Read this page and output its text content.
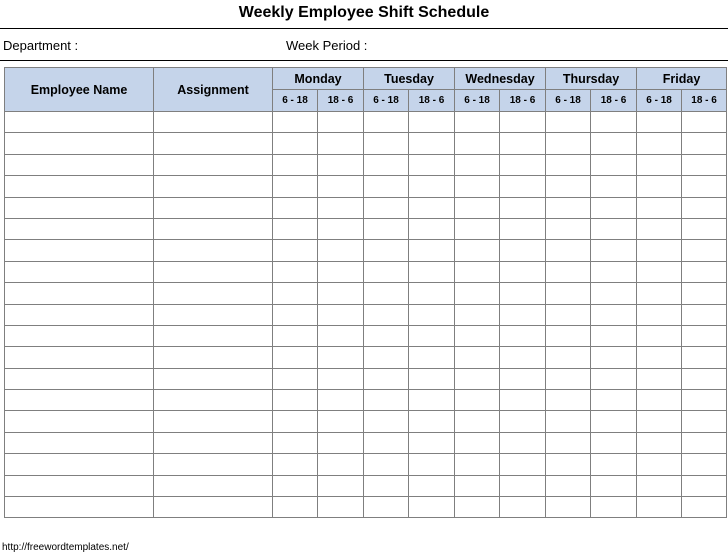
Weekly Employee Shift Schedule
Department :	Week Period :
Employee Name	Assignment	Monday		Tuesday		Wednesday		Thursday		Friday	
		6 - 18	18 - 6	6 - 18	18 - 6	6 - 18	18 - 6	6 - 18	18 - 6	6 - 18	18 - 6

http://freewordtemplates.net/
